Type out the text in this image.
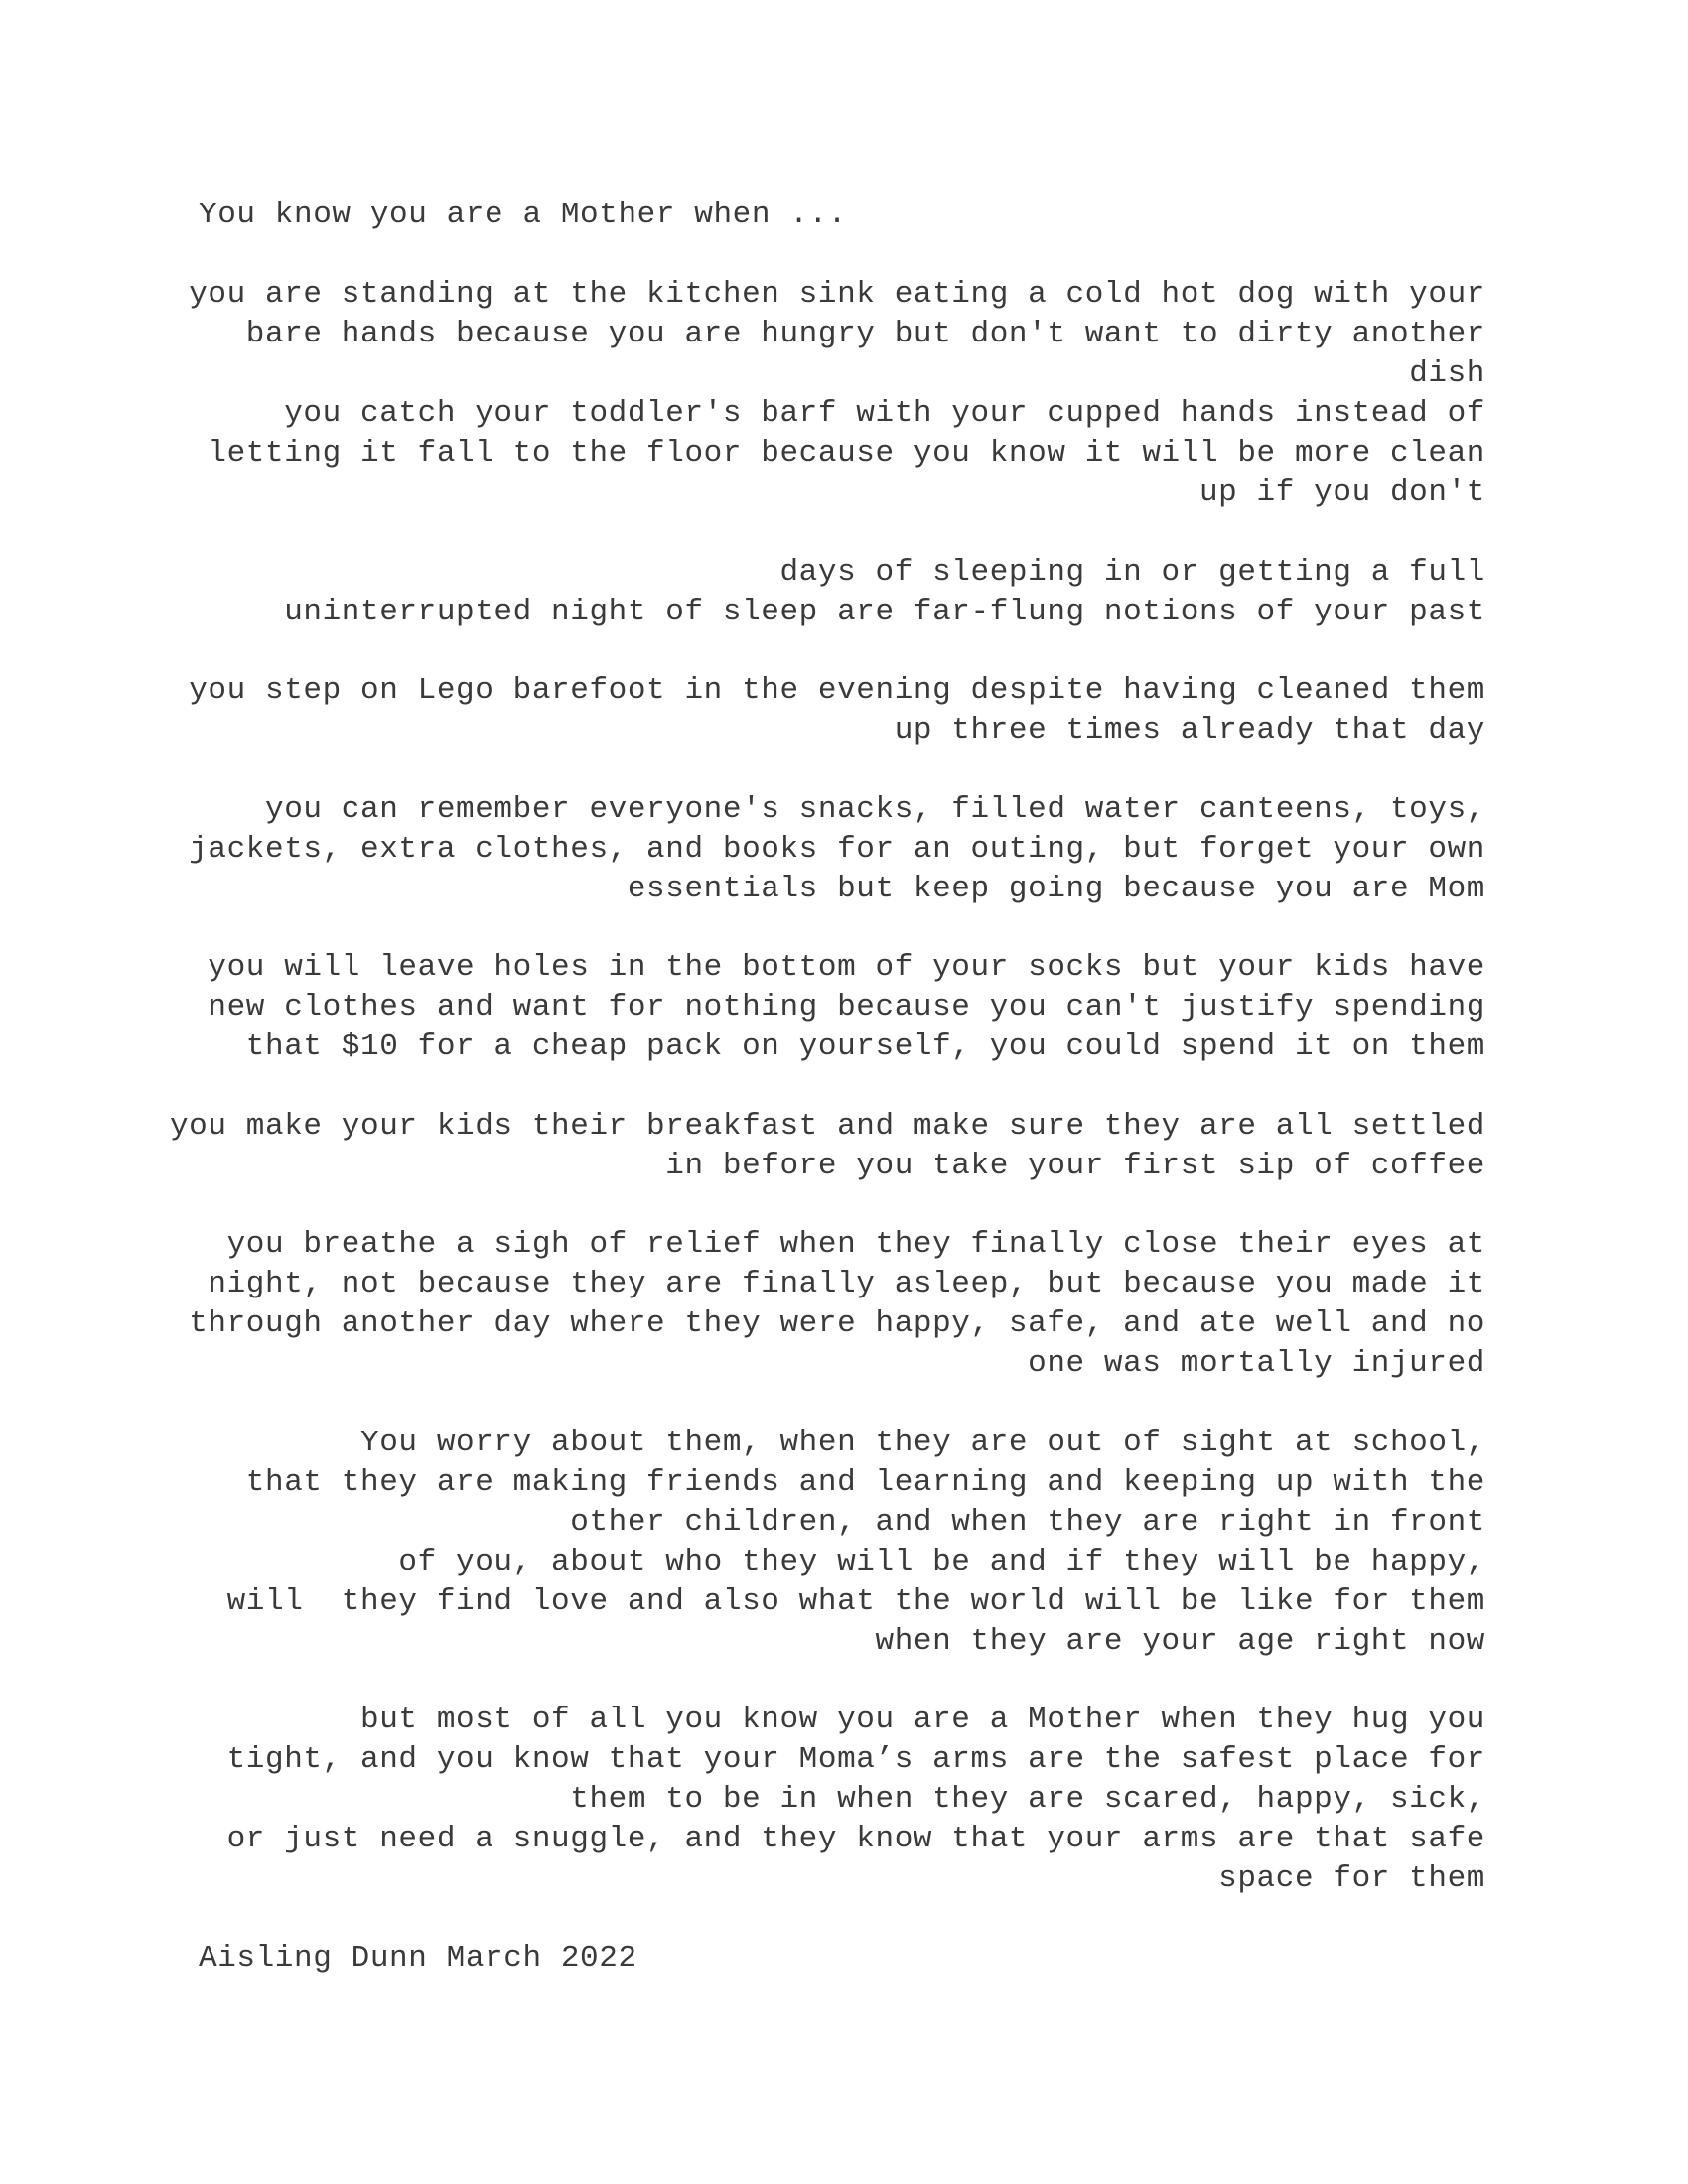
You know you are a Mother when ...
you are standing at the kitchen sink eating a cold hot dog with your
bare hands because you are hungry but don't want to dirty another
dish
you catch your toddler's barf with your cupped hands instead of
letting it fall to the floor because you know it will be more clean
up if you don't
days of sleeping in or getting a full
uninterrupted night of sleep are far-flung notions of your past
you step on Lego barefoot in the evening despite having cleaned them
up three times already that day
you can remember everyone's snacks, filled water canteens, toys,
jackets, extra clothes, and books for an outing, but forget your own
essentials but keep going because you are Mom
you will leave holes in the bottom of your socks but your kids have
new clothes and want for nothing because you can't justify spending
that $10 for a cheap pack on yourself, you could spend it on them
you make your kids their breakfast and make sure they are all settled
in before you take your first sip of coffee
you breathe a sigh of relief when they finally close their eyes at
night, not because they are finally asleep, but because you made it
through another day where they were happy, safe, and ate well and no
one was mortally injured
You worry about them, when they are out of sight at school,
that they are making friends and learning and keeping up with the
other children, and when they are right in front
of you, about who they will be and if they will be happy,
will  they find love and also what the world will be like for them
when they are your age right now
but most of all you know you are a Mother when they hug you
tight, and you know that your Moma’s arms are the safest place for
them to be in when they are scared, happy, sick,
or just need a snuggle, and they know that your arms are that safe
space for them
Aisling Dunn March 2022
